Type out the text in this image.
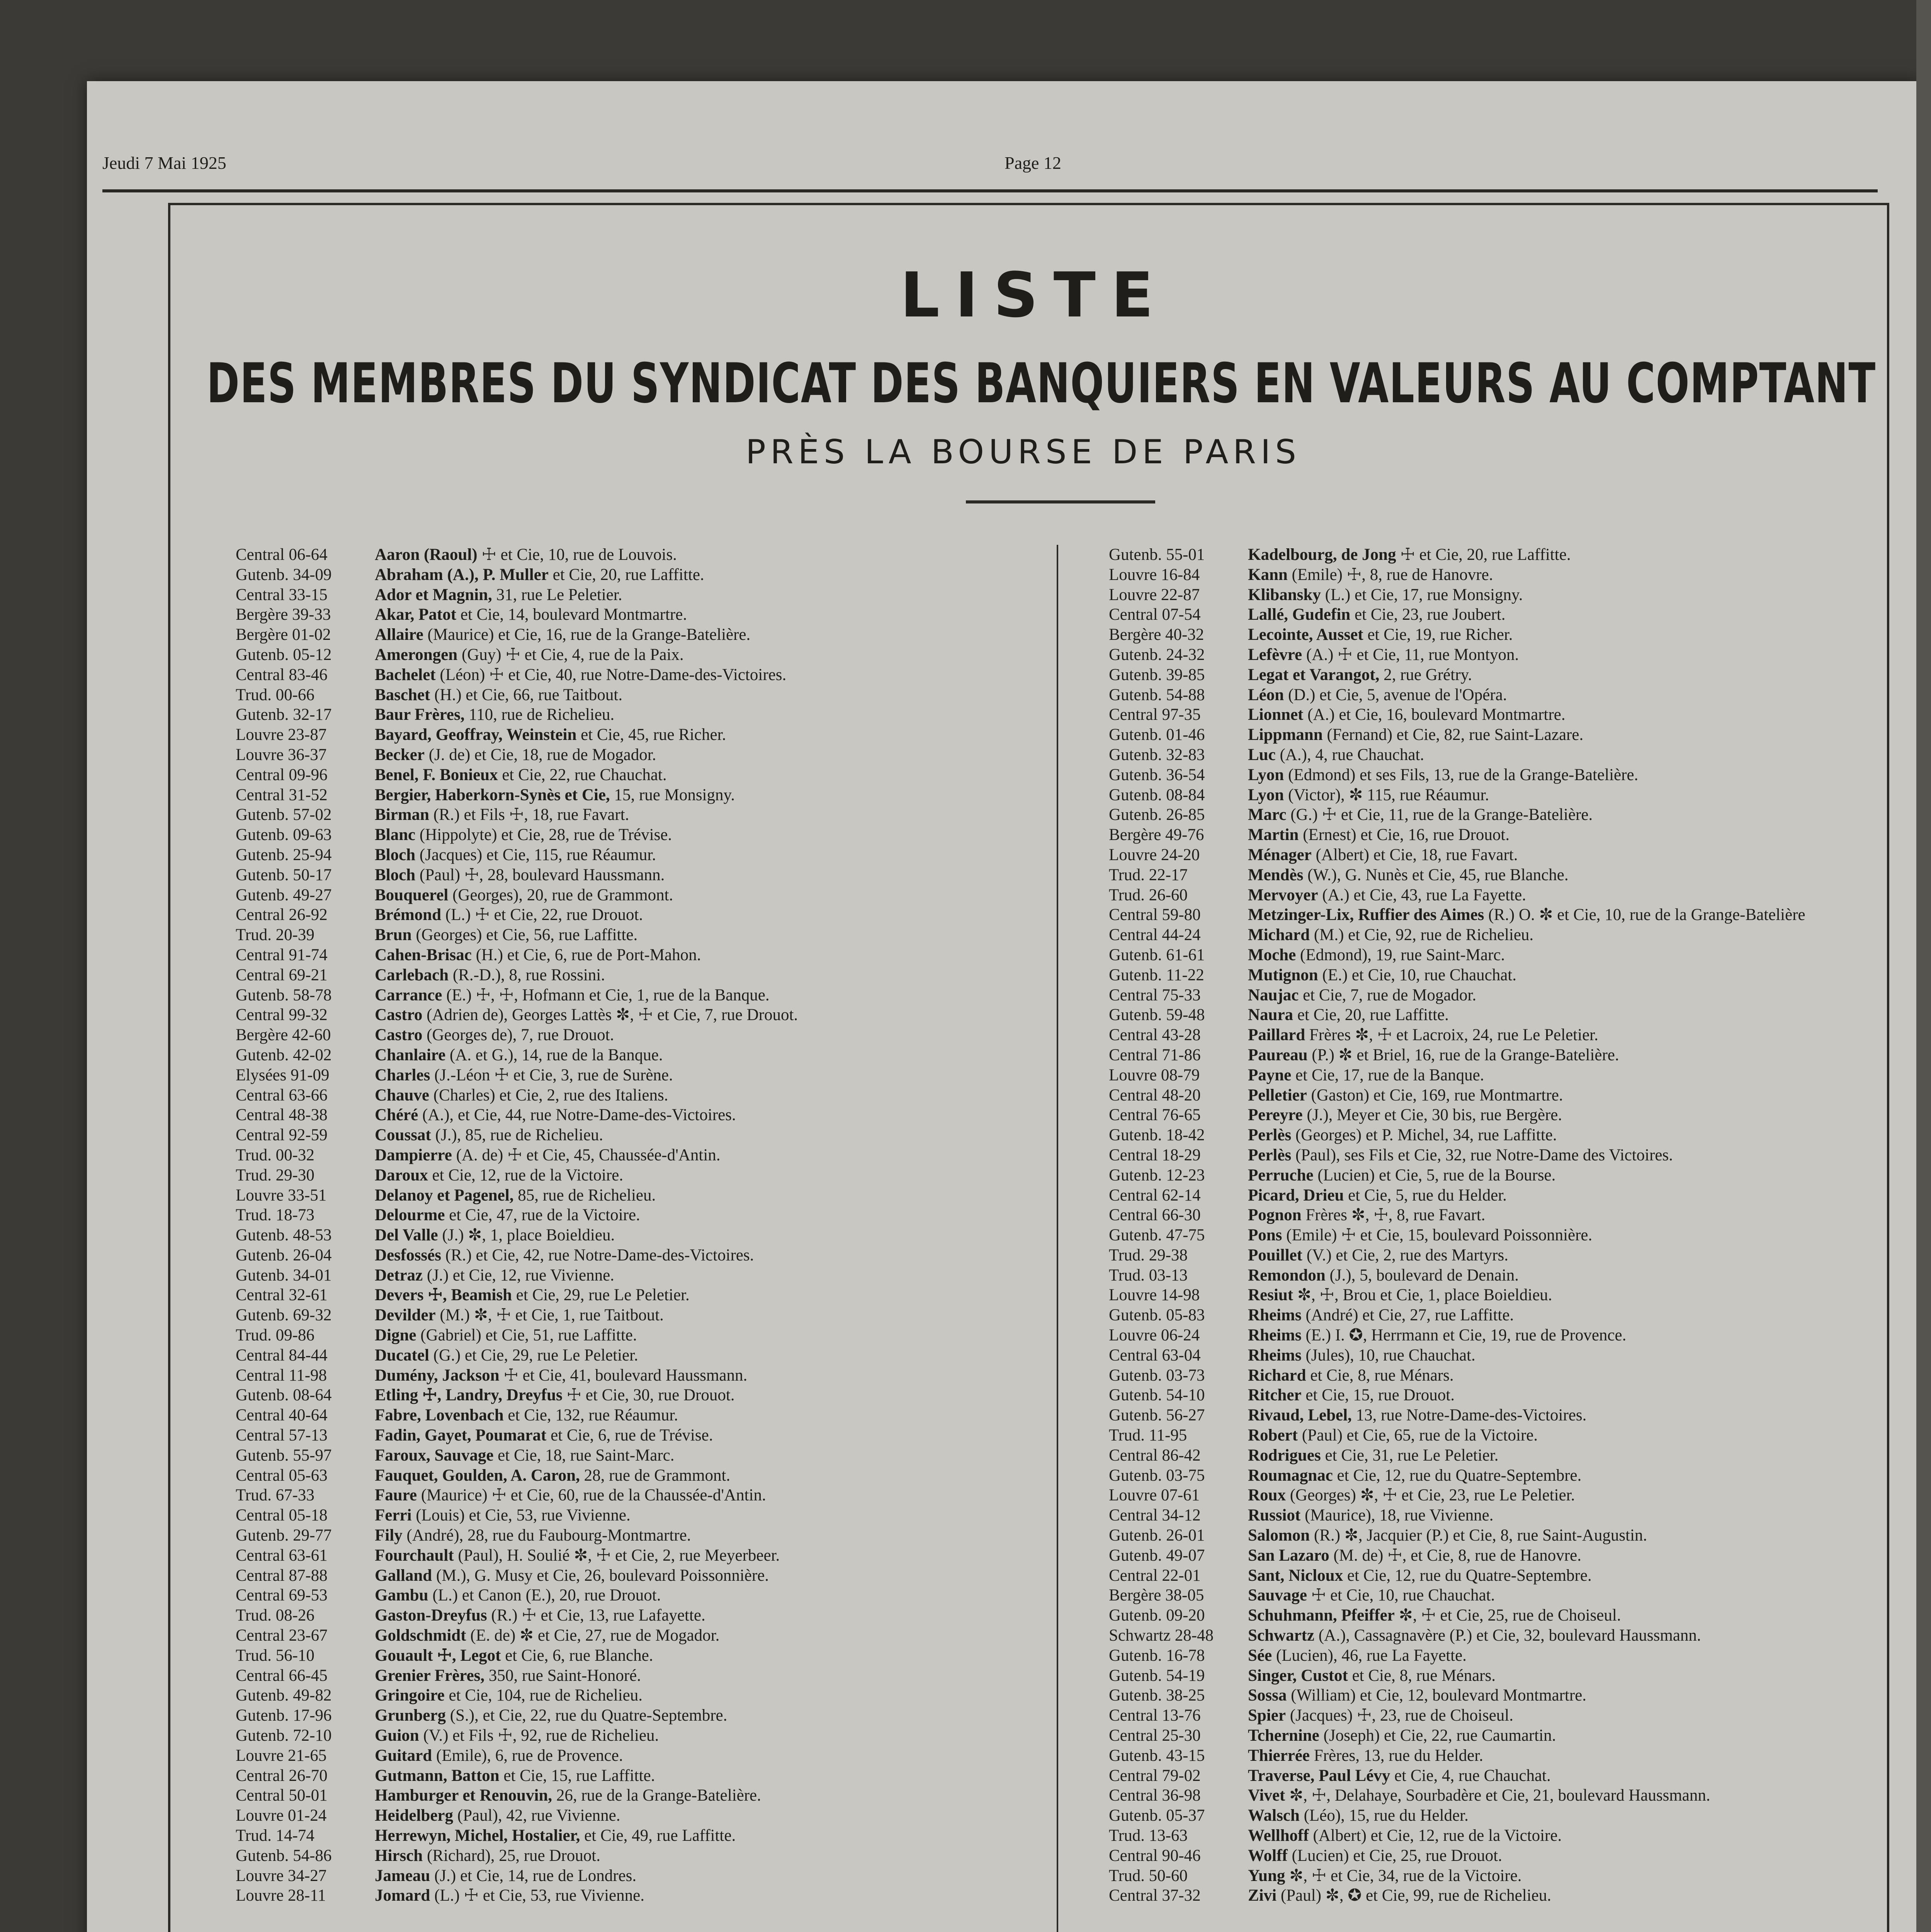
Jeudi 7 Mai 1925	Page 12
LISTE
DES MEMBRES DU SYNDICAT DES BANQUIERS EN VALEURS AU COMPTANT
PRÈS LA BOURSE DE PARIS
Central 06-64	Aaron (Raoul) ☩ et Cie, 10, rue de Louvois.
Gutenb. 34-09	Abraham (A.), P. Muller et Cie, 20, rue Laffitte.
Central 33-15	Ador et Magnin, 31, rue Le Peletier.
Bergère 39-33	Akar, Patot et Cie, 14, boulevard Montmartre.
Bergère 01-02	Allaire (Maurice) et Cie, 16, rue de la Grange-Batelière.
Gutenb. 05-12	Amerongen (Guy) ☩ et Cie, 4, rue de la Paix.
Central 83-46	Bachelet (Léon) ☩ et Cie, 40, rue Notre-Dame-des-Victoires.
Trud. 00-66	Baschet (H.) et Cie, 66, rue Taitbout.
Gutenb. 32-17	Baur Frères, 110, rue de Richelieu.
Louvre 23-87	Bayard, Geoffray, Weinstein et Cie, 45, rue Richer.
Louvre 36-37	Becker (J. de) et Cie, 18, rue de Mogador.
Central 09-96	Benel, F. Bonieux et Cie, 22, rue Chauchat.
Central 31-52	Bergier, Haberkorn-Synès et Cie, 15, rue Monsigny.
Gutenb. 57-02	Birman (R.) et Fils ☩, 18, rue Favart.
Gutenb. 09-63	Blanc (Hippolyte) et Cie, 28, rue de Trévise.
Gutenb. 25-94	Bloch (Jacques) et Cie, 115, rue Réaumur.
Gutenb. 50-17	Bloch (Paul) ☩, 28, boulevard Haussmann.
Gutenb. 49-27	Bouquerel (Georges), 20, rue de Grammont.
Central 26-92	Brémond (L.) ☩ et Cie, 22, rue Drouot.
Trud. 20-39	Brun (Georges) et Cie, 56, rue Laffitte.
Central 91-74	Cahen-Brisac (H.) et Cie, 6, rue de Port-Mahon.
Central 69-21	Carlebach (R.-D.), 8, rue Rossini.
Gutenb. 58-78	Carrance (E.) ☩, ☩, Hofmann et Cie, 1, rue de la Banque.
Central 99-32	Castro (Adrien de), Georges Lattès ✼, ☩ et Cie, 7, rue Drouot.
Bergère 42-60	Castro (Georges de), 7, rue Drouot.
Gutenb. 42-02	Chanlaire (A. et G.), 14, rue de la Banque.
Elysées 91-09	Charles (J.-Léon ☩ et Cie, 3, rue de Surène.
Central 63-66	Chauve (Charles) et Cie, 2, rue des Italiens.
Central 48-38	Chéré (A.), et Cie, 44, rue Notre-Dame-des-Victoires.
Central 92-59	Coussat (J.), 85, rue de Richelieu.
Trud. 00-32	Dampierre (A. de) ☩ et Cie, 45, Chaussée-d'Antin.
Trud. 29-30	Daroux et Cie, 12, rue de la Victoire.
Louvre 33-51	Delanoy et Pagenel, 85, rue de Richelieu.
Trud. 18-73	Delourme et Cie, 47, rue de la Victoire.
Gutenb. 48-53	Del Valle (J.) ✼, 1, place Boieldieu.
Gutenb. 26-04	Desfossés (R.) et Cie, 42, rue Notre-Dame-des-Victoires.
Gutenb. 34-01	Detraz (J.) et Cie, 12, rue Vivienne.
Central 32-61	Devers ☩, Beamish et Cie, 29, rue Le Peletier.
Gutenb. 69-32	Devilder (M.) ✼, ☩ et Cie, 1, rue Taitbout.
Trud. 09-86	Digne (Gabriel) et Cie, 51, rue Laffitte.
Central 84-44	Ducatel (G.) et Cie, 29, rue Le Peletier.
Central 11-98	Dumény, Jackson ☩ et Cie, 41, boulevard Haussmann.
Gutenb. 08-64	Etling ☩, Landry, Dreyfus ☩ et Cie, 30, rue Drouot.
Central 40-64	Fabre, Lovenbach et Cie, 132, rue Réaumur.
Central 57-13	Fadin, Gayet, Poumarat et Cie, 6, rue de Trévise.
Gutenb. 55-97	Faroux, Sauvage et Cie, 18, rue Saint-Marc.
Central 05-63	Fauquet, Goulden, A. Caron, 28, rue de Grammont.
Trud. 67-33	Faure (Maurice) ☩ et Cie, 60, rue de la Chaussée-d'Antin.
Central 05-18	Ferri (Louis) et Cie, 53, rue Vivienne.
Gutenb. 29-77	Fily (André), 28, rue du Faubourg-Montmartre.
Central 63-61	Fourchault (Paul), H. Soulié ✼, ☩ et Cie, 2, rue Meyerbeer.
Central 87-88	Galland (M.), G. Musy et Cie, 26, boulevard Poissonnière.
Central 69-53	Gambu (L.) et Canon (E.), 20, rue Drouot.
Trud. 08-26	Gaston-Dreyfus (R.) ☩ et Cie, 13, rue Lafayette.
Central 23-67	Goldschmidt (E. de) ✼ et Cie, 27, rue de Mogador.
Trud. 56-10	Gouault ☩, Legot et Cie, 6, rue Blanche.
Central 66-45	Grenier Frères, 350, rue Saint-Honoré.
Gutenb. 49-82	Gringoire et Cie, 104, rue de Richelieu.
Gutenb. 17-96	Grunberg (S.), et Cie, 22, rue du Quatre-Septembre.
Gutenb. 72-10	Guion (V.) et Fils ☩, 92, rue de Richelieu.
Louvre 21-65	Guitard (Emile), 6, rue de Provence.
Central 26-70	Gutmann, Batton et Cie, 15, rue Laffitte.
Central 50-01	Hamburger et Renouvin, 26, rue de la Grange-Batelière.
Louvre 01-24	Heidelberg (Paul), 42, rue Vivienne.
Trud. 14-74	Herrewyn, Michel, Hostalier, et Cie, 49, rue Laffitte.
Gutenb. 54-86	Hirsch (Richard), 25, rue Drouot.
Louvre 34-27	Jameau (J.) et Cie, 14, rue de Londres.
Louvre 28-11	Jomard (L.) ☩ et Cie, 53, rue Vivienne.
Gutenb. 55-01	Kadelbourg, de Jong ☩ et Cie, 20, rue Laffitte.
Louvre 16-84	Kann (Emile) ☩, 8, rue de Hanovre.
Louvre 22-87	Klibansky (L.) et Cie, 17, rue Monsigny.
Central 07-54	Lallé, Gudefin et Cie, 23, rue Joubert.
Bergère 40-32	Lecointe, Ausset et Cie, 19, rue Richer.
Gutenb. 24-32	Lefèvre (A.) ☩ et Cie, 11, rue Montyon.
Gutenb. 39-85	Legat et Varangot, 2, rue Grétry.
Gutenb. 54-88	Léon (D.) et Cie, 5, avenue de l'Opéra.
Central 97-35	Lionnet (A.) et Cie, 16, boulevard Montmartre.
Gutenb. 01-46	Lippmann (Fernand) et Cie, 82, rue Saint-Lazare.
Gutenb. 32-83	Luc (A.), 4, rue Chauchat.
Gutenb. 36-54	Lyon (Edmond) et ses Fils, 13, rue de la Grange-Batelière.
Gutenb. 08-84	Lyon (Victor), ✼ 115, rue Réaumur.
Gutenb. 26-85	Marc (G.) ☩ et Cie, 11, rue de la Grange-Batelière.
Bergère 49-76	Martin (Ernest) et Cie, 16, rue Drouot.
Louvre 24-20	Ménager (Albert) et Cie, 18, rue Favart.
Trud. 22-17	Mendès (W.), G. Nunès et Cie, 45, rue Blanche.
Trud. 26-60	Mervoyer (A.) et Cie, 43, rue La Fayette.
Central 59-80	Metzinger-Lix, Ruffier des Aimes (R.) O. ✼ et Cie, 10, rue de la Grange-Batelière
Central 44-24	Michard (M.) et Cie, 92, rue de Richelieu.
Gutenb. 61-61	Moche (Edmond), 19, rue Saint-Marc.
Gutenb. 11-22	Mutignon (E.) et Cie, 10, rue Chauchat.
Central 75-33	Naujac et Cie, 7, rue de Mogador.
Gutenb. 59-48	Naura et Cie, 20, rue Laffitte.
Central 43-28	Paillard Frères ✼, ☩ et Lacroix, 24, rue Le Peletier.
Central 71-86	Paureau (P.) ✼ et Briel, 16, rue de la Grange-Batelière.
Louvre 08-79	Payne et Cie, 17, rue de la Banque.
Central 48-20	Pelletier (Gaston) et Cie, 169, rue Montmartre.
Central 76-65	Pereyre (J.), Meyer et Cie, 30 bis, rue Bergère.
Gutenb. 18-42	Perlès (Georges) et P. Michel, 34, rue Laffitte.
Central 18-29	Perlès (Paul), ses Fils et Cie, 32, rue Notre-Dame des Victoires.
Gutenb. 12-23	Perruche (Lucien) et Cie, 5, rue de la Bourse.
Central 62-14	Picard, Drieu et Cie, 5, rue du Helder.
Central 66-30	Pognon Frères ✼, ☩, 8, rue Favart.
Gutenb. 47-75	Pons (Emile) ☩ et Cie, 15, boulevard Poissonnière.
Trud. 29-38	Pouillet (V.) et Cie, 2, rue des Martyrs.
Trud. 03-13	Remondon (J.), 5, boulevard de Denain.
Louvre 14-98	Resiut ✼, ☩, Brou et Cie, 1, place Boieldieu.
Gutenb. 05-83	Rheims (André) et Cie, 27, rue Laffitte.
Louvre 06-24	Rheims (E.) I. ✪, Herrmann et Cie, 19, rue de Provence.
Central 63-04	Rheims (Jules), 10, rue Chauchat.
Gutenb. 03-73	Richard et Cie, 8, rue Ménars.
Gutenb. 54-10	Ritcher et Cie, 15, rue Drouot.
Gutenb. 56-27	Rivaud, Lebel, 13, rue Notre-Dame-des-Victoires.
Trud. 11-95	Robert (Paul) et Cie, 65, rue de la Victoire.
Central 86-42	Rodrigues et Cie, 31, rue Le Peletier.
Gutenb. 03-75	Roumagnac et Cie, 12, rue du Quatre-Septembre.
Louvre 07-61	Roux (Georges) ✼, ☩ et Cie, 23, rue Le Peletier.
Central 34-12	Russiot (Maurice), 18, rue Vivienne.
Gutenb. 26-01	Salomon (R.) ✼, Jacquier (P.) et Cie, 8, rue Saint-Augustin.
Gutenb. 49-07	San Lazaro (M. de) ☩, et Cie, 8, rue de Hanovre.
Central 22-01	Sant, Nicloux et Cie, 12, rue du Quatre-Septembre.
Bergère 38-05	Sauvage ☩ et Cie, 10, rue Chauchat.
Gutenb. 09-20	Schuhmann, Pfeiffer ✼, ☩ et Cie, 25, rue de Choiseul.
Schwartz 28-48 Schwartz (A.), Cassagnavère (P.) et Cie, 32, boulevard Haussmann.
Gutenb. 16-78	Sée (Lucien), 46, rue La Fayette.
Gutenb. 54-19	Singer, Custot et Cie, 8, rue Ménars.
Gutenb. 38-25	Sossa (William) et Cie, 12, boulevard Montmartre.
Central 13-76	Spier (Jacques) ☩, 23, rue de Choiseul.
Central 25-30	Tchernine (Joseph) et Cie, 22, rue Caumartin.
Gutenb. 43-15	Thierrée Frères, 13, rue du Helder.
Central 79-02	Traverse, Paul Lévy et Cie, 4, rue Chauchat.
Central 36-98	Vivet ✼, ☩, Delahaye, Sourbadère et Cie, 21, boulevard Haussmann.
Gutenb. 05-37	Walsch (Léo), 15, rue du Helder.
Trud. 13-63	Wellhoff (Albert) et Cie, 12, rue de la Victoire.
Central 90-46	Wolff (Lucien) et Cie, 25, rue Drouot.
Trud. 50-60	Yung ✼, ☩ et Cie, 34, rue de la Victoire.
Central 37-32	Zivi (Paul) ✼, ✪ et Cie, 99, rue de Richelieu.
